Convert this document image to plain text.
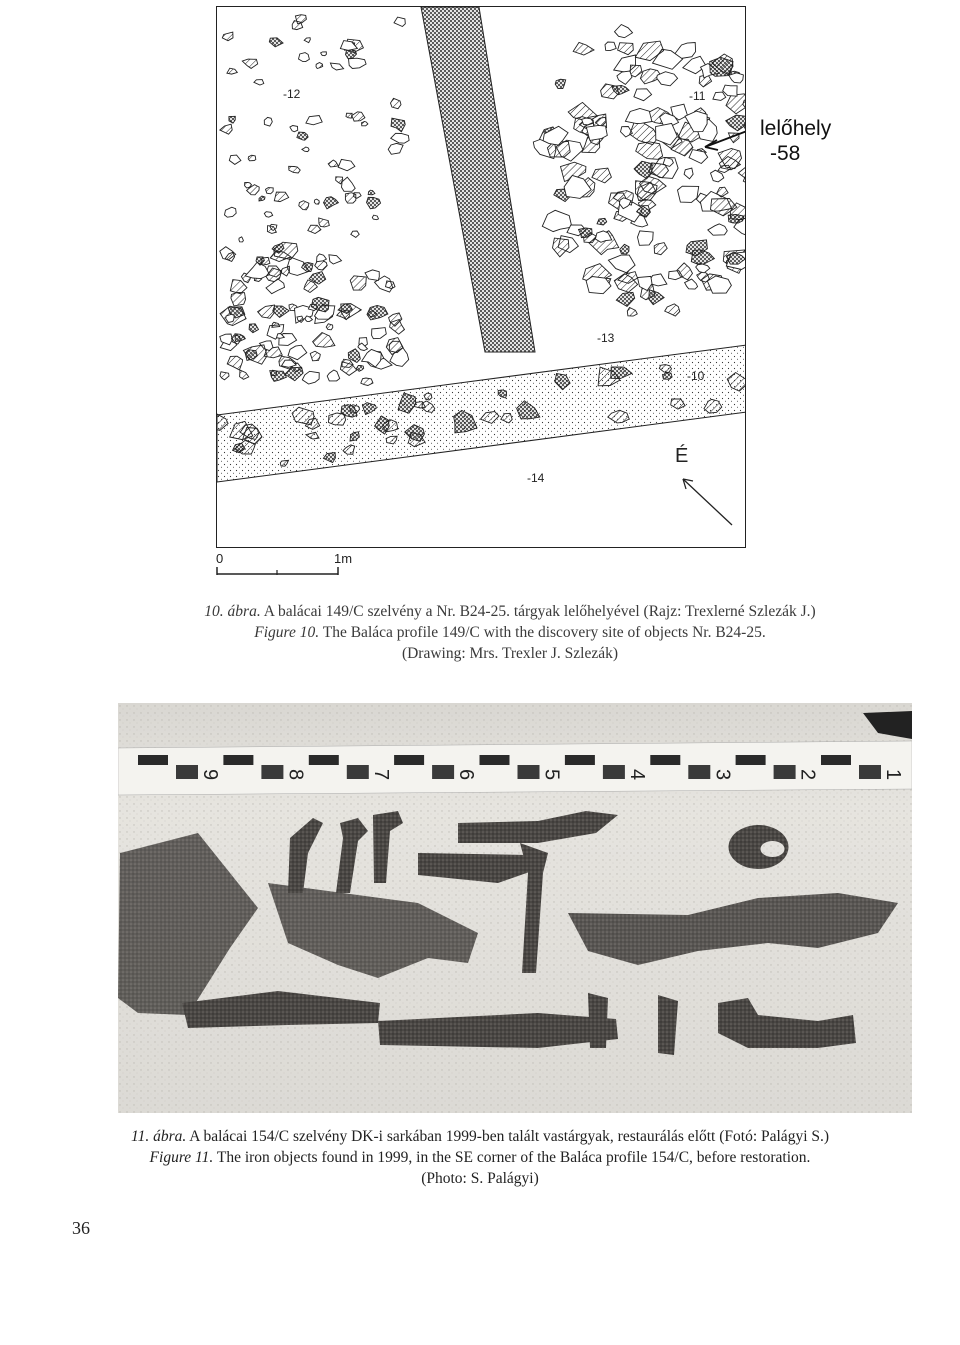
-12	-11
-13
-10
-14
É
lelőhely
-58
0	1m
10. ábra. A balácai 149/C szelvény a Nr. B24-25. tárgyak lelőhelyével (Rajz: Trexlerné Szlezák J.)
Figure 10. The Baláca profile 149/C with the discovery site of objects Nr. B24-25.
(Drawing: Mrs. Trexler J. Szlezák)
9	8	7	6	5	4	3	2	1
11. ábra. A balácai 154/C szelvény DK-i sarkában 1999-ben talált vastárgyak, restaurálás előtt (Fotó: Palágyi S.)
Figure 11. The iron objects found in 1999, in the SE corner of the Baláca profile 154/C, before restoration.
(Photo: S. Palágyi)
36
